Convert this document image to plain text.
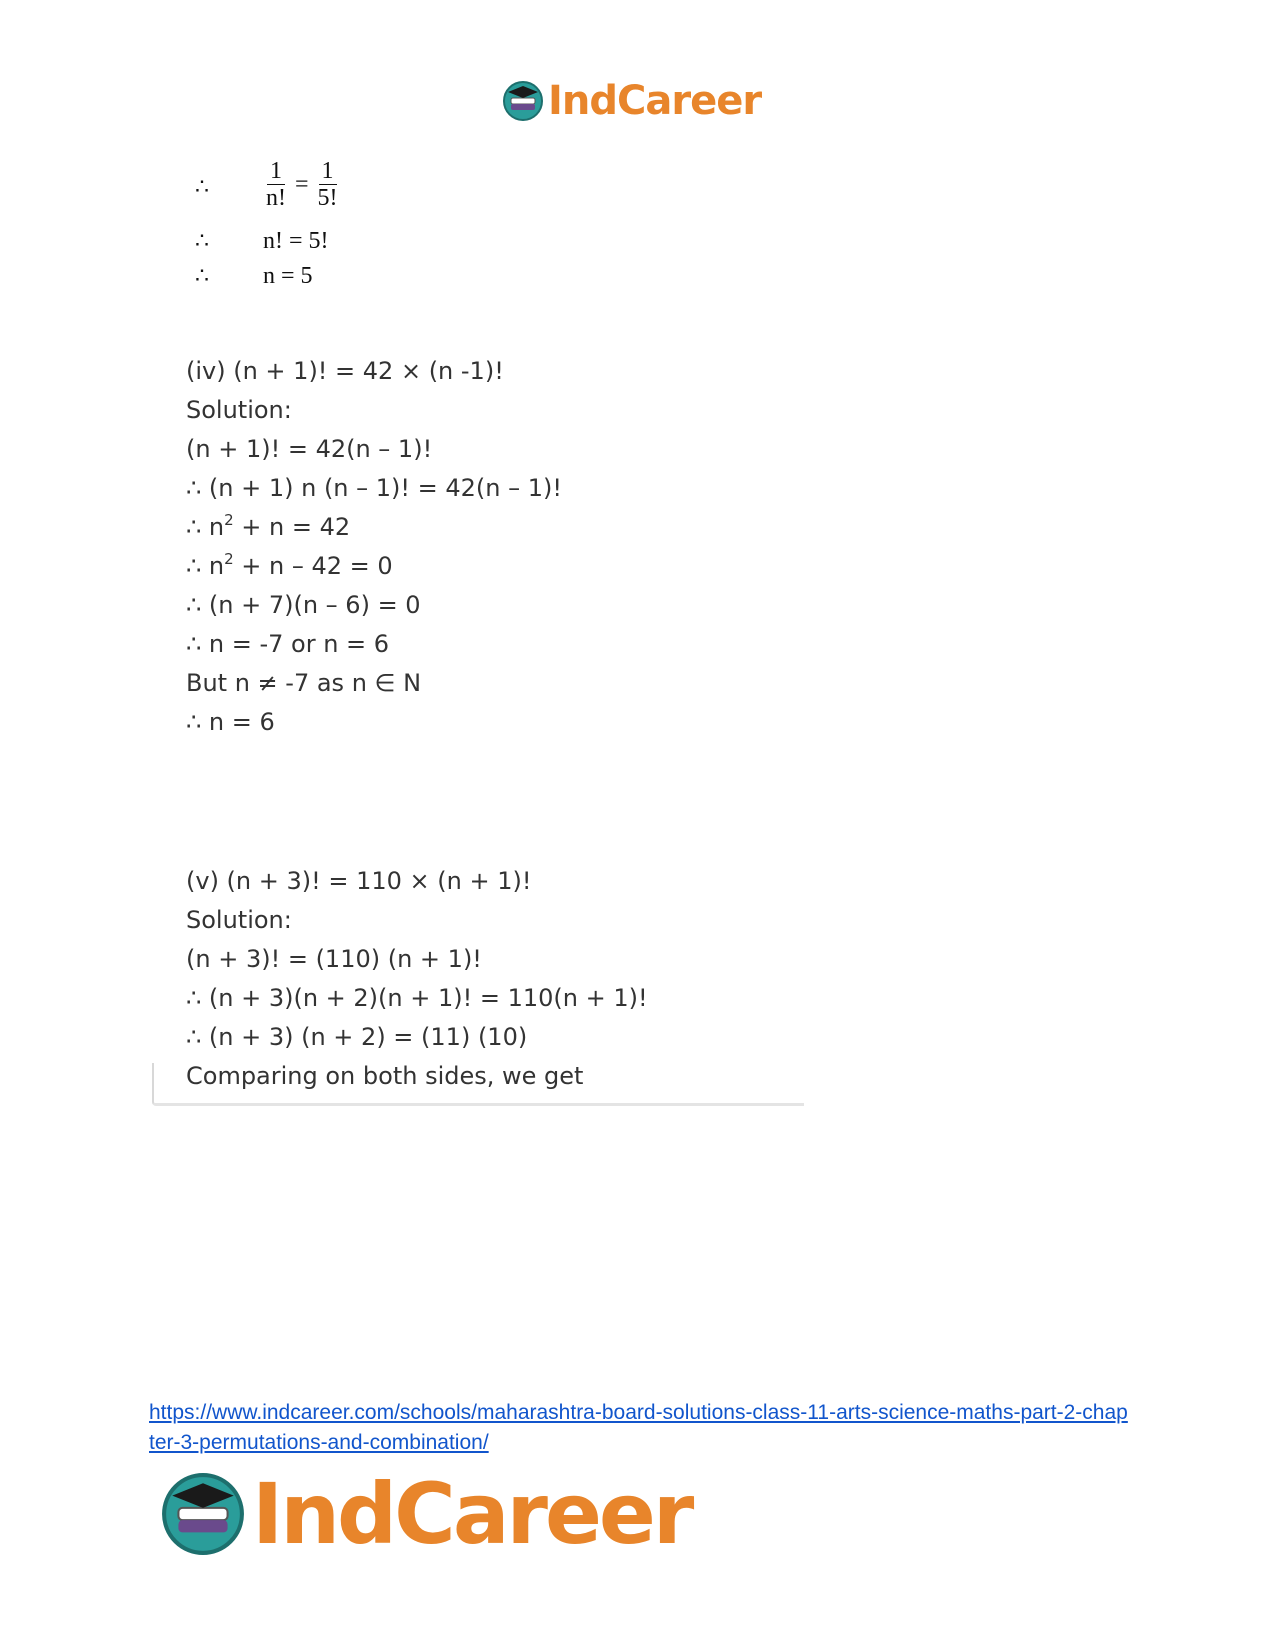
IndCareer
∴ $\frac{1}{n!} = \frac{1}{5!}$
∴ n! = 5!
∴ n = 5
(iv) (n + 1)! = 42 × (n -1)!
Solution:
(n + 1)! = 42(n – 1)!
∴ (n + 1) n (n – 1)! = 42(n – 1)!
∴ $n^2 + n = 42$
∴ $n^2 + n - 42 = 0$
∴ (n + 7)(n – 6) = 0
∴ n = -7 or n = 6
But n ≠ -7 as n ∈ N
∴ n = 6
(v) (n + 3)! = 110 × (n + 1)!
Solution:
(n + 3)! = (110) (n + 1)!
∴ (n + 3)(n + 2)(n + 1)! = 110(n + 1)!
∴ (n + 3) (n + 2) = (11) (10)
Comparing on both sides, we get
https://www.indcareer.com/schools/maharashtra-board-solutions-class-11-arts-science-maths-part-2-chapter-3-permutations-and-combination/
IndCareer
